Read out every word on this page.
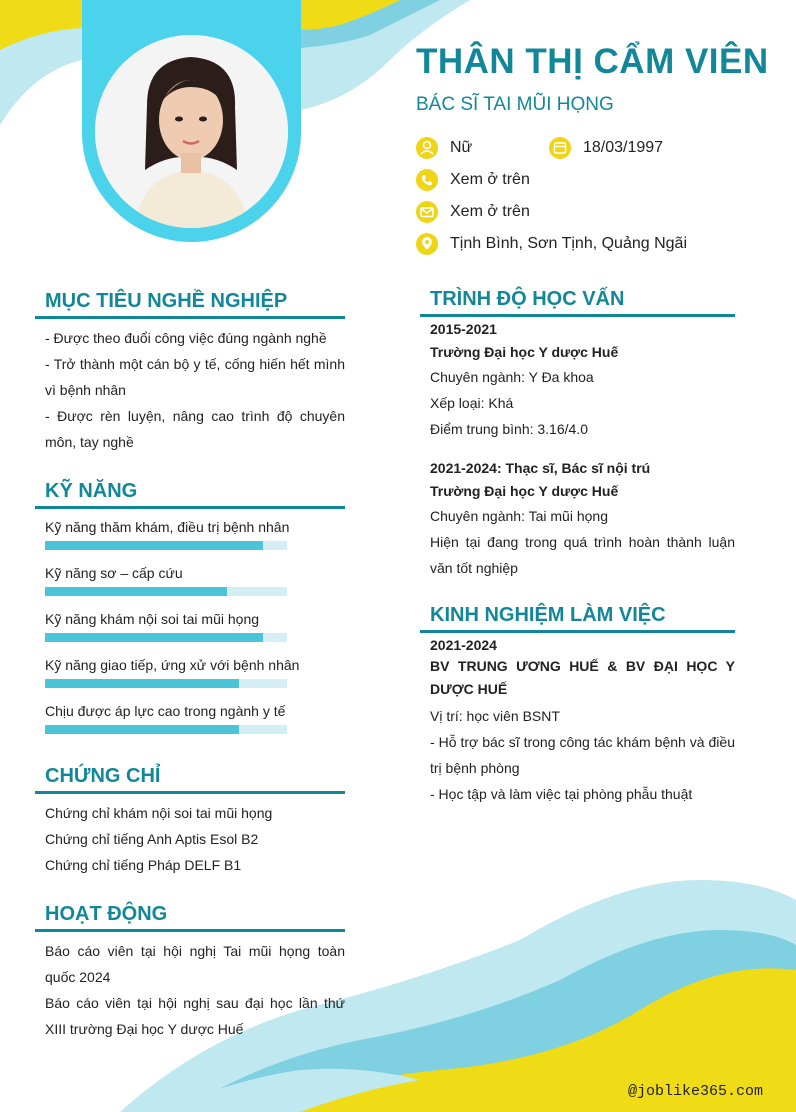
THÂN THỊ CẨM VIÊN
BÁC SĨ TAI MŨI HỌNG
Nữ	18/03/1997
Xem ở trên
Xem ở trên
Tịnh Bình, Sơn Tịnh, Quảng Ngãi
MỤC TIÊU NGHỀ NGHIỆP
- Được theo đuổi công việc đúng ngành nghề
- Trở thành một cán bộ y tế, cống hiến hết mình vì bệnh nhân
- Được rèn luyện, nâng cao trình độ chuyên môn, tay nghề
KỸ NĂNG
Kỹ năng thăm khám, điều trị bệnh nhân
Kỹ năng sơ – cấp cứu
Kỹ năng khám nội soi tai mũi họng
Kỹ năng giao tiếp, ứng xử với bệnh nhân
Chịu được áp lực cao trong ngành y tế
CHỨNG CHỈ
Chứng chỉ khám nội soi tai mũi họng
Chứng chỉ tiếng Anh Aptis Esol B2
Chứng chỉ tiếng Pháp DELF B1
HOẠT ĐỘNG
Báo cáo viên tại hội nghị Tai mũi họng toàn quốc 2024
Báo cáo viên tại hội nghị sau đại học lần thứ XIII trường Đại học Y dược Huế
TRÌNH ĐỘ HỌC VẤN
2015-2021
Trường Đại học Y dược Huế
Chuyên ngành: Y Đa khoa
Xếp loại: Khá
Điểm trung bình: 3.16/4.0
2021-2024: Thạc sĩ, Bác sĩ nội trú
Trường Đại học Y dược Huế
Chuyên ngành: Tai mũi họng
Hiện tại đang trong quá trình hoàn thành luận văn tốt nghiệp
KINH NGHIỆM LÀM VIỆC
2021-2024
BV TRUNG ƯƠNG HUẾ & BV ĐẠI HỌC Y DƯỢC HUẾ
Vị trí: học viên BSNT
- Hỗ trợ bác sĩ trong công tác khám bệnh và điều trị bệnh phòng
- Học tập và làm việc tại phòng phẫu thuật
@joblike365.com
